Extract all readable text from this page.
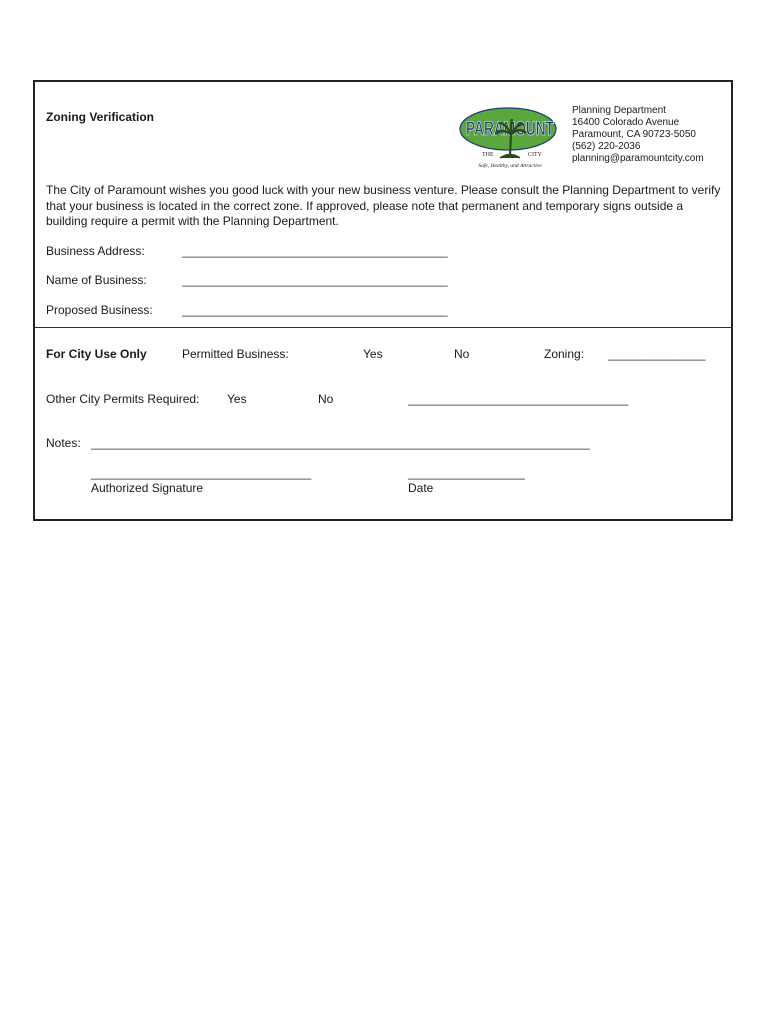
Zoning Verification
PARAMOUNT
THE	CITY
Safe, Healthy, and Attractive
Planning Department
16400 Colorado Avenue
Paramount, CA 90723-5050
(562) 220-2036
planning@paramountcity.com
The City of Paramount wishes you good luck with your new business venture. Please consult the Planning Department to verify that your business is located in the correct zone. If approved, please note that permanent and temporary signs outside a building require a permit with the Planning Department.
Business Address:	_________________________________________
Name of Business:	_________________________________________
Proposed Business: _________________________________________
For City Use Only	Permitted Business:	Yes	No	Zoning: _______________
Other City Permits Required: Yes	No	__________________________________
Notes: _____________________________________________________________________________
__________________________________
Authorized Signature
__________________
Date
